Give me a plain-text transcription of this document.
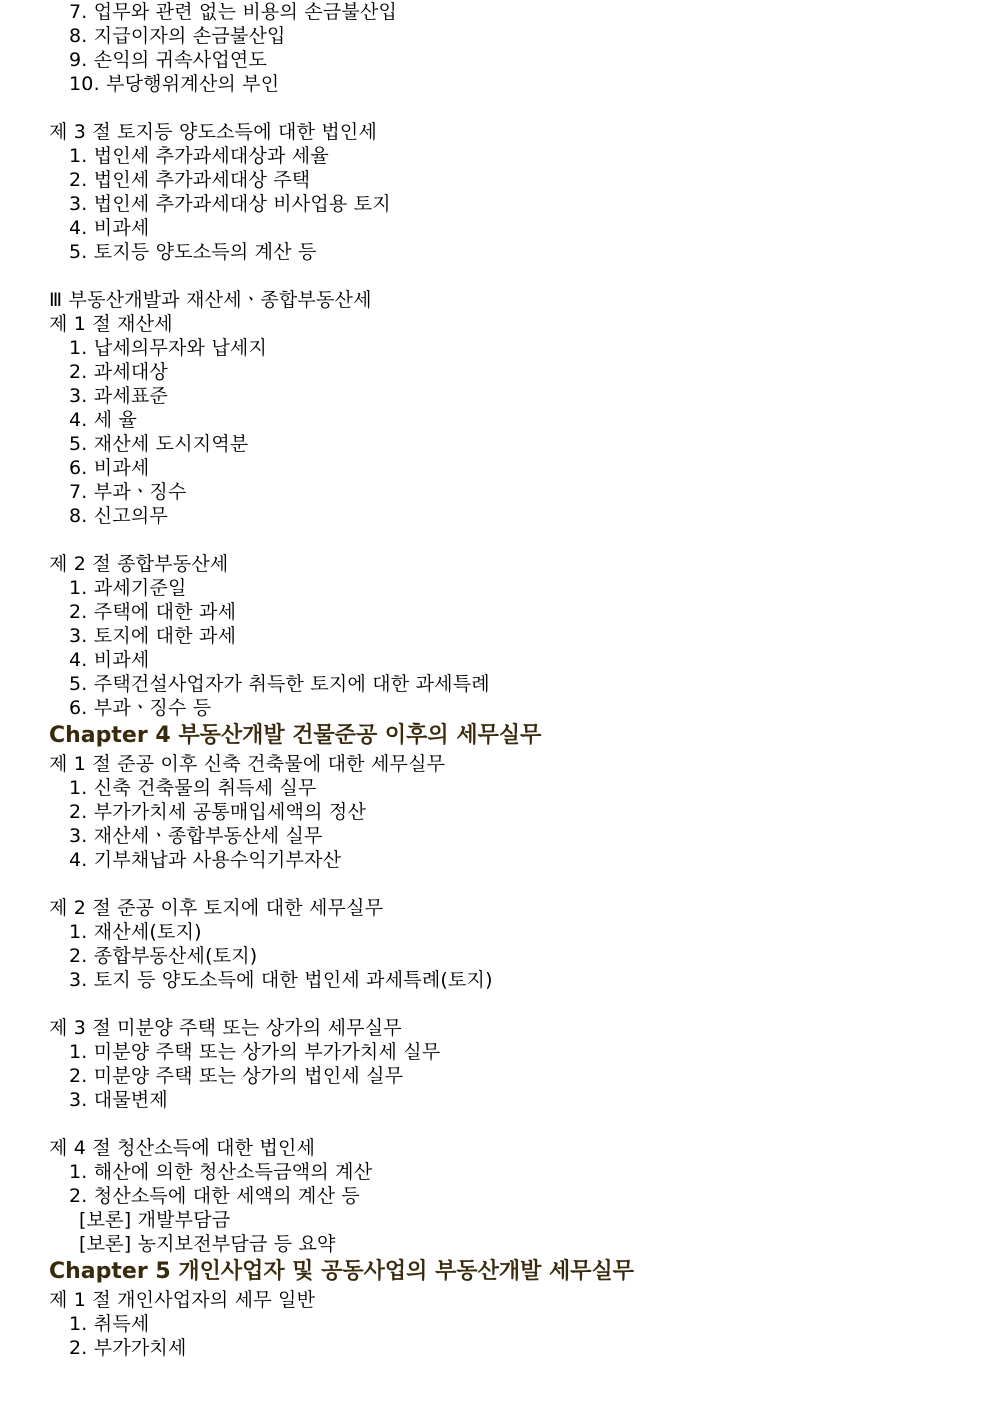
7. 업무와 관련 없는 비용의 손금불산입
8. 지급이자의 손금불산입
9. 손익의 귀속사업연도
10. 부당행위계산의 부인
제 3 절 토지등 양도소득에 대한 법인세
1. 법인세 추가과세대상과 세율
2. 법인세 추가과세대상 주택
3. 법인세 추가과세대상 비사업용 토지
4. 비과세
5. 토지등 양도소득의 계산 등
Ⅲ 부동산개발과 재산세ㆍ종합부동산세
제 1 절 재산세
1. 납세의무자와 납세지
2. 과세대상
3. 과세표준
4. 세 율
5. 재산세 도시지역분
6. 비과세
7. 부과ㆍ징수
8. 신고의무
제 2 절 종합부동산세
1. 과세기준일
2. 주택에 대한 과세
3. 토지에 대한 과세
4. 비과세
5. 주택건설사업자가 취득한 토지에 대한 과세특례
6. 부과ㆍ징수 등
Chapter 4 부동산개발 건물준공 이후의 세무실무
제 1 절 준공 이후 신축 건축물에 대한 세무실무
1. 신축 건축물의 취득세 실무
2. 부가가치세 공통매입세액의 정산
3. 재산세ㆍ종합부동산세 실무
4. 기부채납과 사용수익기부자산
제 2 절 준공 이후 토지에 대한 세무실무
1. 재산세(토지)
2. 종합부동산세(토지)
3. 토지 등 양도소득에 대한 법인세 과세특례(토지)
제 3 절 미분양 주택 또는 상가의 세무실무
1. 미분양 주택 또는 상가의 부가가치세 실무
2. 미분양 주택 또는 상가의 법인세 실무
3. 대물변제
제 4 절 청산소득에 대한 법인세
1. 해산에 의한 청산소득금액의 계산
2. 청산소득에 대한 세액의 계산 등
[보론] 개발부담금
[보론] 농지보전부담금 등 요약
Chapter 5 개인사업자 및 공동사업의 부동산개발 세무실무
제 1 절 개인사업자의 세무 일반
1. 취득세
2. 부가가치세
